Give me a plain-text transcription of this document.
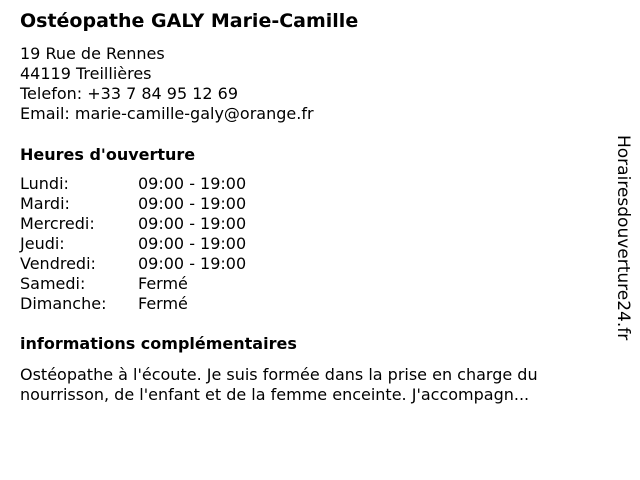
Ostéopathe GALY Marie-Camille
19 Rue de Rennes
44119 Treillières
Telefon: +33 7 84 95 12 69
Email: marie-camille-galy@orange.fr
Heures d'ouverture
Lundi:	09:00 - 19:00
Mardi:	09:00 - 19:00
Mercredi:	09:00 - 19:00
Jeudi:	09:00 - 19:00
Vendredi:	09:00 - 19:00
Samedi:	Fermé
Dimanche:	Fermé
informations complémentaires
Ostéopathe à l'écoute. Je suis formée dans la prise en charge du
nourrisson, de l'enfant et de la femme enceinte. J'accompagn...
Horairesdouverture24.fr
